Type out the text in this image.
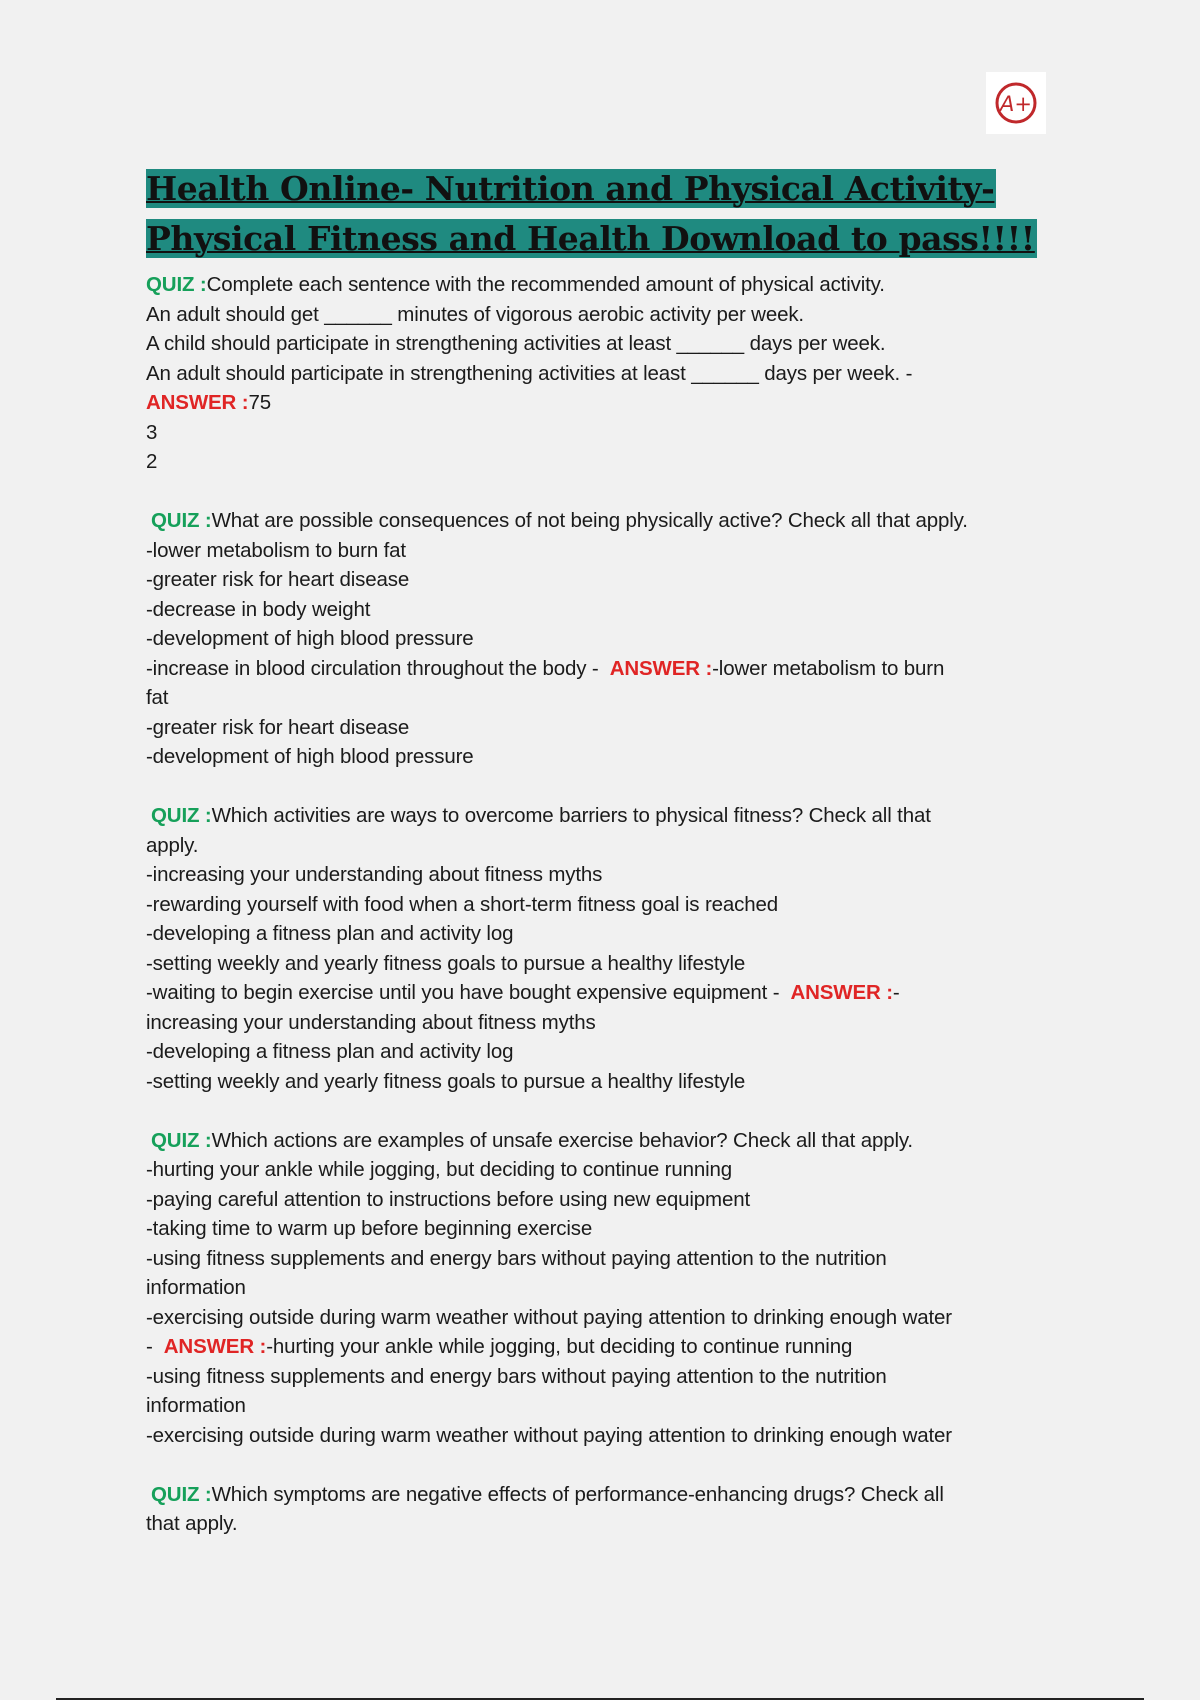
A+
Health Online- Nutrition and Physical Activity-
Physical Fitness and Health Download to pass!!!!
QUIZ :Complete each sentence with the recommended amount of physical activity.
An adult should get ______ minutes of vigorous aerobic activity per week.
A child should participate in strengthening activities at least ______ days per week.
An adult should participate in strengthening activities at least ______ days per week. -
ANSWER :75
3
2
QUIZ :What are possible consequences of not being physically active? Check all that apply.
-lower metabolism to burn fat
-greater risk for heart disease
-decrease in body weight
-development of high blood pressure
-increase in blood circulation throughout the body -  ANSWER :-lower metabolism to burn
fat
-greater risk for heart disease
-development of high blood pressure
QUIZ :Which activities are ways to overcome barriers to physical fitness? Check all that
apply.
-increasing your understanding about fitness myths
-rewarding yourself with food when a short-term fitness goal is reached
-developing a fitness plan and activity log
-setting weekly and yearly fitness goals to pursue a healthy lifestyle
-waiting to begin exercise until you have bought expensive equipment -  ANSWER :-
increasing your understanding about fitness myths
-developing a fitness plan and activity log
-setting weekly and yearly fitness goals to pursue a healthy lifestyle
QUIZ :Which actions are examples of unsafe exercise behavior? Check all that apply.
-hurting your ankle while jogging, but deciding to continue running
-paying careful attention to instructions before using new equipment
-taking time to warm up before beginning exercise
-using fitness supplements and energy bars without paying attention to the nutrition
information
-exercising outside during warm weather without paying attention to drinking enough water
-  ANSWER :-hurting your ankle while jogging, but deciding to continue running
-using fitness supplements and energy bars without paying attention to the nutrition
information
-exercising outside during warm weather without paying attention to drinking enough water
QUIZ :Which symptoms are negative effects of performance-enhancing drugs? Check all
that apply.
